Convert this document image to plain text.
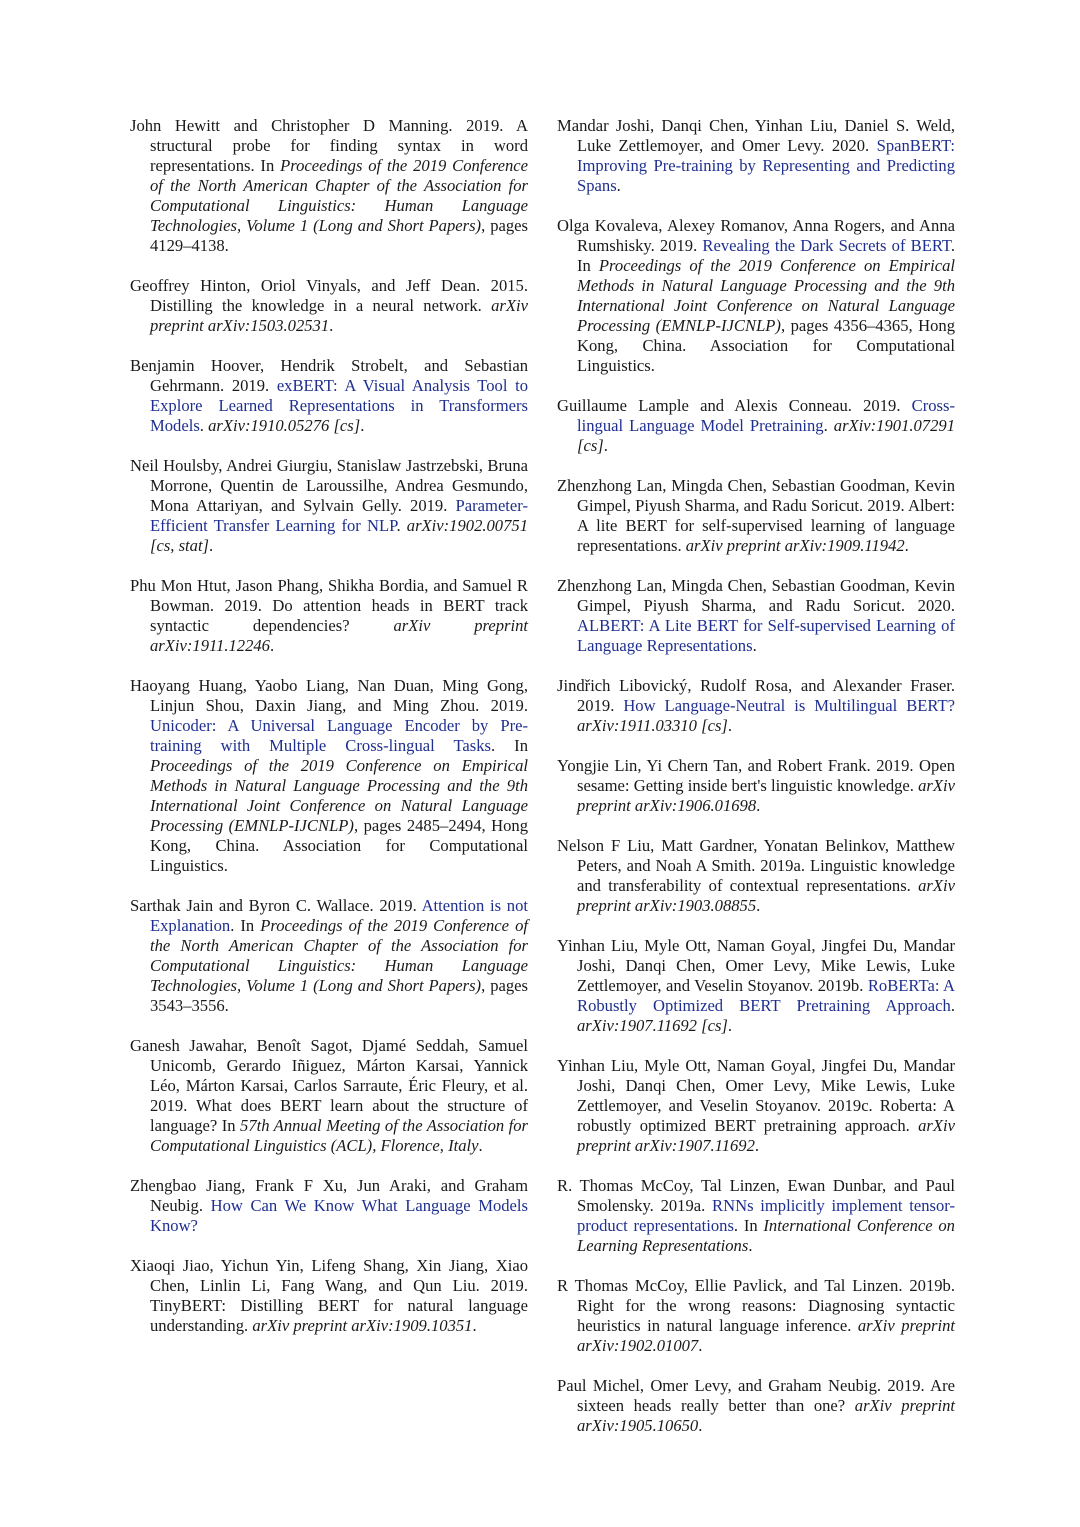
John Hewitt and Christopher D Manning. 2019. A structural probe for finding syntax in word representations. In Proceedings of the 2019 Conference of the North American Chapter of the Association for Computational Linguistics: Human Language Technologies, Volume 1 (Long and Short Papers), pages 4129–4138.

Geoffrey Hinton, Oriol Vinyals, and Jeff Dean. 2015. Distilling the knowledge in a neural network. arXiv preprint arXiv:1503.02531.

Benjamin Hoover, Hendrik Strobelt, and Sebastian Gehrmann. 2019. exBERT: A Visual Analysis Tool to Explore Learned Representations in Transformers Models. arXiv:1910.05276 [cs].

Neil Houlsby, Andrei Giurgiu, Stanislaw Jastrzebski, Bruna Morrone, Quentin de Laroussilhe, Andrea Gesmundo, Mona Attariyan, and Sylvain Gelly. 2019. Parameter-Efficient Transfer Learning for NLP. arXiv:1902.00751 [cs, stat].

Phu Mon Htut, Jason Phang, Shikha Bordia, and Samuel R Bowman. 2019. Do attention heads in BERT track syntactic dependencies? arXiv preprint arXiv:1911.12246.

Haoyang Huang, Yaobo Liang, Nan Duan, Ming Gong, Linjun Shou, Daxin Jiang, and Ming Zhou. 2019. Unicoder: A Universal Language Encoder by Pre-training with Multiple Cross-lingual Tasks. In Proceedings of the 2019 Conference on Empirical Methods in Natural Language Processing and the 9th International Joint Conference on Natural Language Processing (EMNLP-IJCNLP), pages 2485–2494, Hong Kong, China. Association for Computational Linguistics.

Sarthak Jain and Byron C. Wallace. 2019. Attention is not Explanation. In Proceedings of the 2019 Conference of the North American Chapter of the Association for Computational Linguistics: Human Language Technologies, Volume 1 (Long and Short Papers), pages 3543–3556.

Ganesh Jawahar, Benoît Sagot, Djamé Seddah, Samuel Unicomb, Gerardo Iñiguez, Márton Karsai, Yannick Léo, Márton Karsai, Carlos Sarraute, Éric Fleury, et al. 2019. What does BERT learn about the structure of language? In 57th Annual Meeting of the Association for Computational Linguistics (ACL), Florence, Italy.

Zhengbao Jiang, Frank F Xu, Jun Araki, and Graham Neubig. How Can We Know What Language Models Know?

Xiaoqi Jiao, Yichun Yin, Lifeng Shang, Xin Jiang, Xiao Chen, Linlin Li, Fang Wang, and Qun Liu. 2019. TinyBERT: Distilling BERT for natural language understanding. arXiv preprint arXiv:1909.10351.

Mandar Joshi, Danqi Chen, Yinhan Liu, Daniel S. Weld, Luke Zettlemoyer, and Omer Levy. 2020. SpanBERT: Improving Pre-training by Representing and Predicting Spans.

Olga Kovaleva, Alexey Romanov, Anna Rogers, and Anna Rumshisky. 2019. Revealing the Dark Secrets of BERT. In Proceedings of the 2019 Conference on Empirical Methods in Natural Language Processing and the 9th International Joint Conference on Natural Language Processing (EMNLP-IJCNLP), pages 4356–4365, Hong Kong, China. Association for Computational Linguistics.

Guillaume Lample and Alexis Conneau. 2019. Cross-lingual Language Model Pretraining. arXiv:1901.07291 [cs].

Zhenzhong Lan, Mingda Chen, Sebastian Goodman, Kevin Gimpel, Piyush Sharma, and Radu Soricut. 2019. Albert: A lite BERT for self-supervised learning of language representations. arXiv preprint arXiv:1909.11942.

Zhenzhong Lan, Mingda Chen, Sebastian Goodman, Kevin Gimpel, Piyush Sharma, and Radu Soricut. 2020. ALBERT: A Lite BERT for Self-supervised Learning of Language Representations.

Jindřich Libovický, Rudolf Rosa, and Alexander Fraser. 2019. How Language-Neutral is Multilingual BERT? arXiv:1911.03310 [cs].

Yongjie Lin, Yi Chern Tan, and Robert Frank. 2019. Open sesame: Getting inside bert's linguistic knowledge. arXiv preprint arXiv:1906.01698.

Nelson F Liu, Matt Gardner, Yonatan Belinkov, Matthew Peters, and Noah A Smith. 2019a. Linguistic knowledge and transferability of contextual representations. arXiv preprint arXiv:1903.08855.

Yinhan Liu, Myle Ott, Naman Goyal, Jingfei Du, Mandar Joshi, Danqi Chen, Omer Levy, Mike Lewis, Luke Zettlemoyer, and Veselin Stoyanov. 2019b. RoBERTa: A Robustly Optimized BERT Pretraining Approach. arXiv:1907.11692 [cs].

Yinhan Liu, Myle Ott, Naman Goyal, Jingfei Du, Mandar Joshi, Danqi Chen, Omer Levy, Mike Lewis, Luke Zettlemoyer, and Veselin Stoyanov. 2019c. Roberta: A robustly optimized BERT pretraining approach. arXiv preprint arXiv:1907.11692.

R. Thomas McCoy, Tal Linzen, Ewan Dunbar, and Paul Smolensky. 2019a. RNNs implicitly implement tensor-product representations. In International Conference on Learning Representations.

R Thomas McCoy, Ellie Pavlick, and Tal Linzen. 2019b. Right for the wrong reasons: Diagnosing syntactic heuristics in natural language inference. arXiv preprint arXiv:1902.01007.

Paul Michel, Omer Levy, and Graham Neubig. 2019. Are sixteen heads really better than one? arXiv preprint arXiv:1905.10650.
